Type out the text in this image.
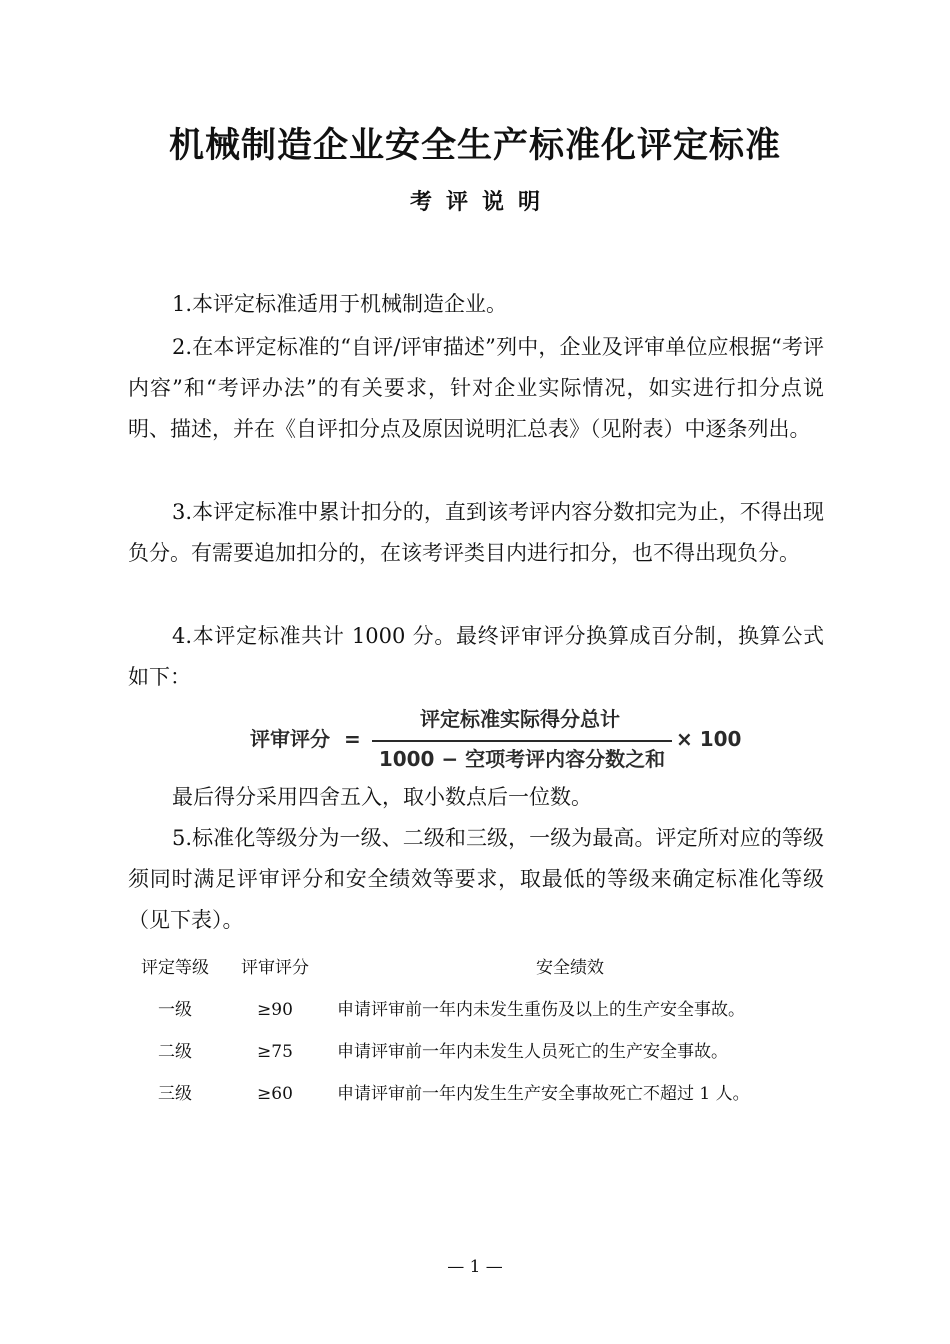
机械制造企业安全生产标准化评定标准
考评说明
1.本评定标准适用于机械制造企业。
2.在本评定标准的“自评/评审描述”列中，企业及评审单位应根据“考评内容”和“考评办法”的有关要求，针对企业实际情况，如实进行扣分点说明、描述，并在《自评扣分点及原因说明汇总表》（见附表）中逐条列出。
3.本评定标准中累计扣分的，直到该考评内容分数扣完为止，不得出现负分。有需要追加扣分的，在该考评类目内进行扣分，也不得出现负分。
4.本评定标准共计 1000 分。最终评审评分换算成百分制，换算公式如下：
评审评分 =
评定标准实际得分总计
1000 − 空项考评内容分数之和
× 100
最后得分采用四舍五入，取小数点后一位数。
5.标准化等级分为一级、二级和三级，一级为最高。评定所对应的等级须同时满足评审评分和安全绩效等要求，取最低的等级来确定标准化等级（见下表）。
评定等级	评审评分	安全绩效
一级	≥90	申请评审前一年内未发生重伤及以上的生产安全事故。
二级	≥75	申请评审前一年内未发生人员死亡的生产安全事故。
三级	≥60	申请评审前一年内发生生产安全事故死亡不超过 1 人。
— 1 —
